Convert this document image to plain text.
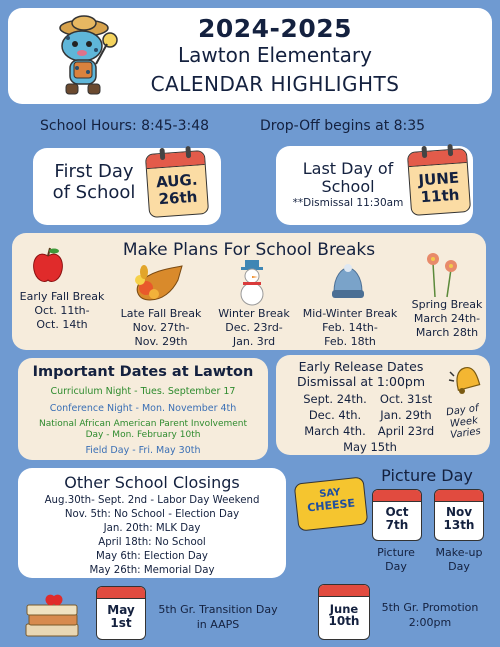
2024-2025
Lawton Elementary
CALENDAR HIGHLIGHTS
School Hours: 8:45-3:48	Drop-Off begins at 8:35
First Day
of School
AUG.
26th
Last Day of
School
**Dismissal 11:30am
JUNE
11th
Make Plans For School Breaks
Early Fall Break
Oct. 11th-
Oct. 14th
Late Fall Break
Nov. 27th-
Nov. 29th
Winter Break
Dec. 23rd-
Jan. 3rd
Mid-Winter Break
Feb. 14th-
Feb. 18th
Spring Break
March 24th-
March 28th
Important Dates at Lawton
Curriculum Night - Tues. September 17
Conference Night - Mon. November 4th
National African American Parent Involvement
Day - Mon. February 10th
Field Day - Fri. May 30th
Early Release Dates
Dismissal at 1:00pm
Sept. 24th.
Dec. 4th.
March 4th.
Oct. 31st
Jan. 29th
April 23rd
May 15th
Day of
Week
Varies
Other School Closings
Aug.30th- Sept. 2nd - Labor Day Weekend
Nov. 5th: No School - Election Day
Jan. 20th: MLK Day
April 18th: No School
May 6th: Election Day
May 26th: Memorial Day
Picture Day
SAY
CHEESE	Oct
7th
Nov
13th
Picture
Day
Make-up
Day
May
1st
5th Gr. Transition Day
in AAPS
June
10th
5th Gr. Promotion
2:00pm
